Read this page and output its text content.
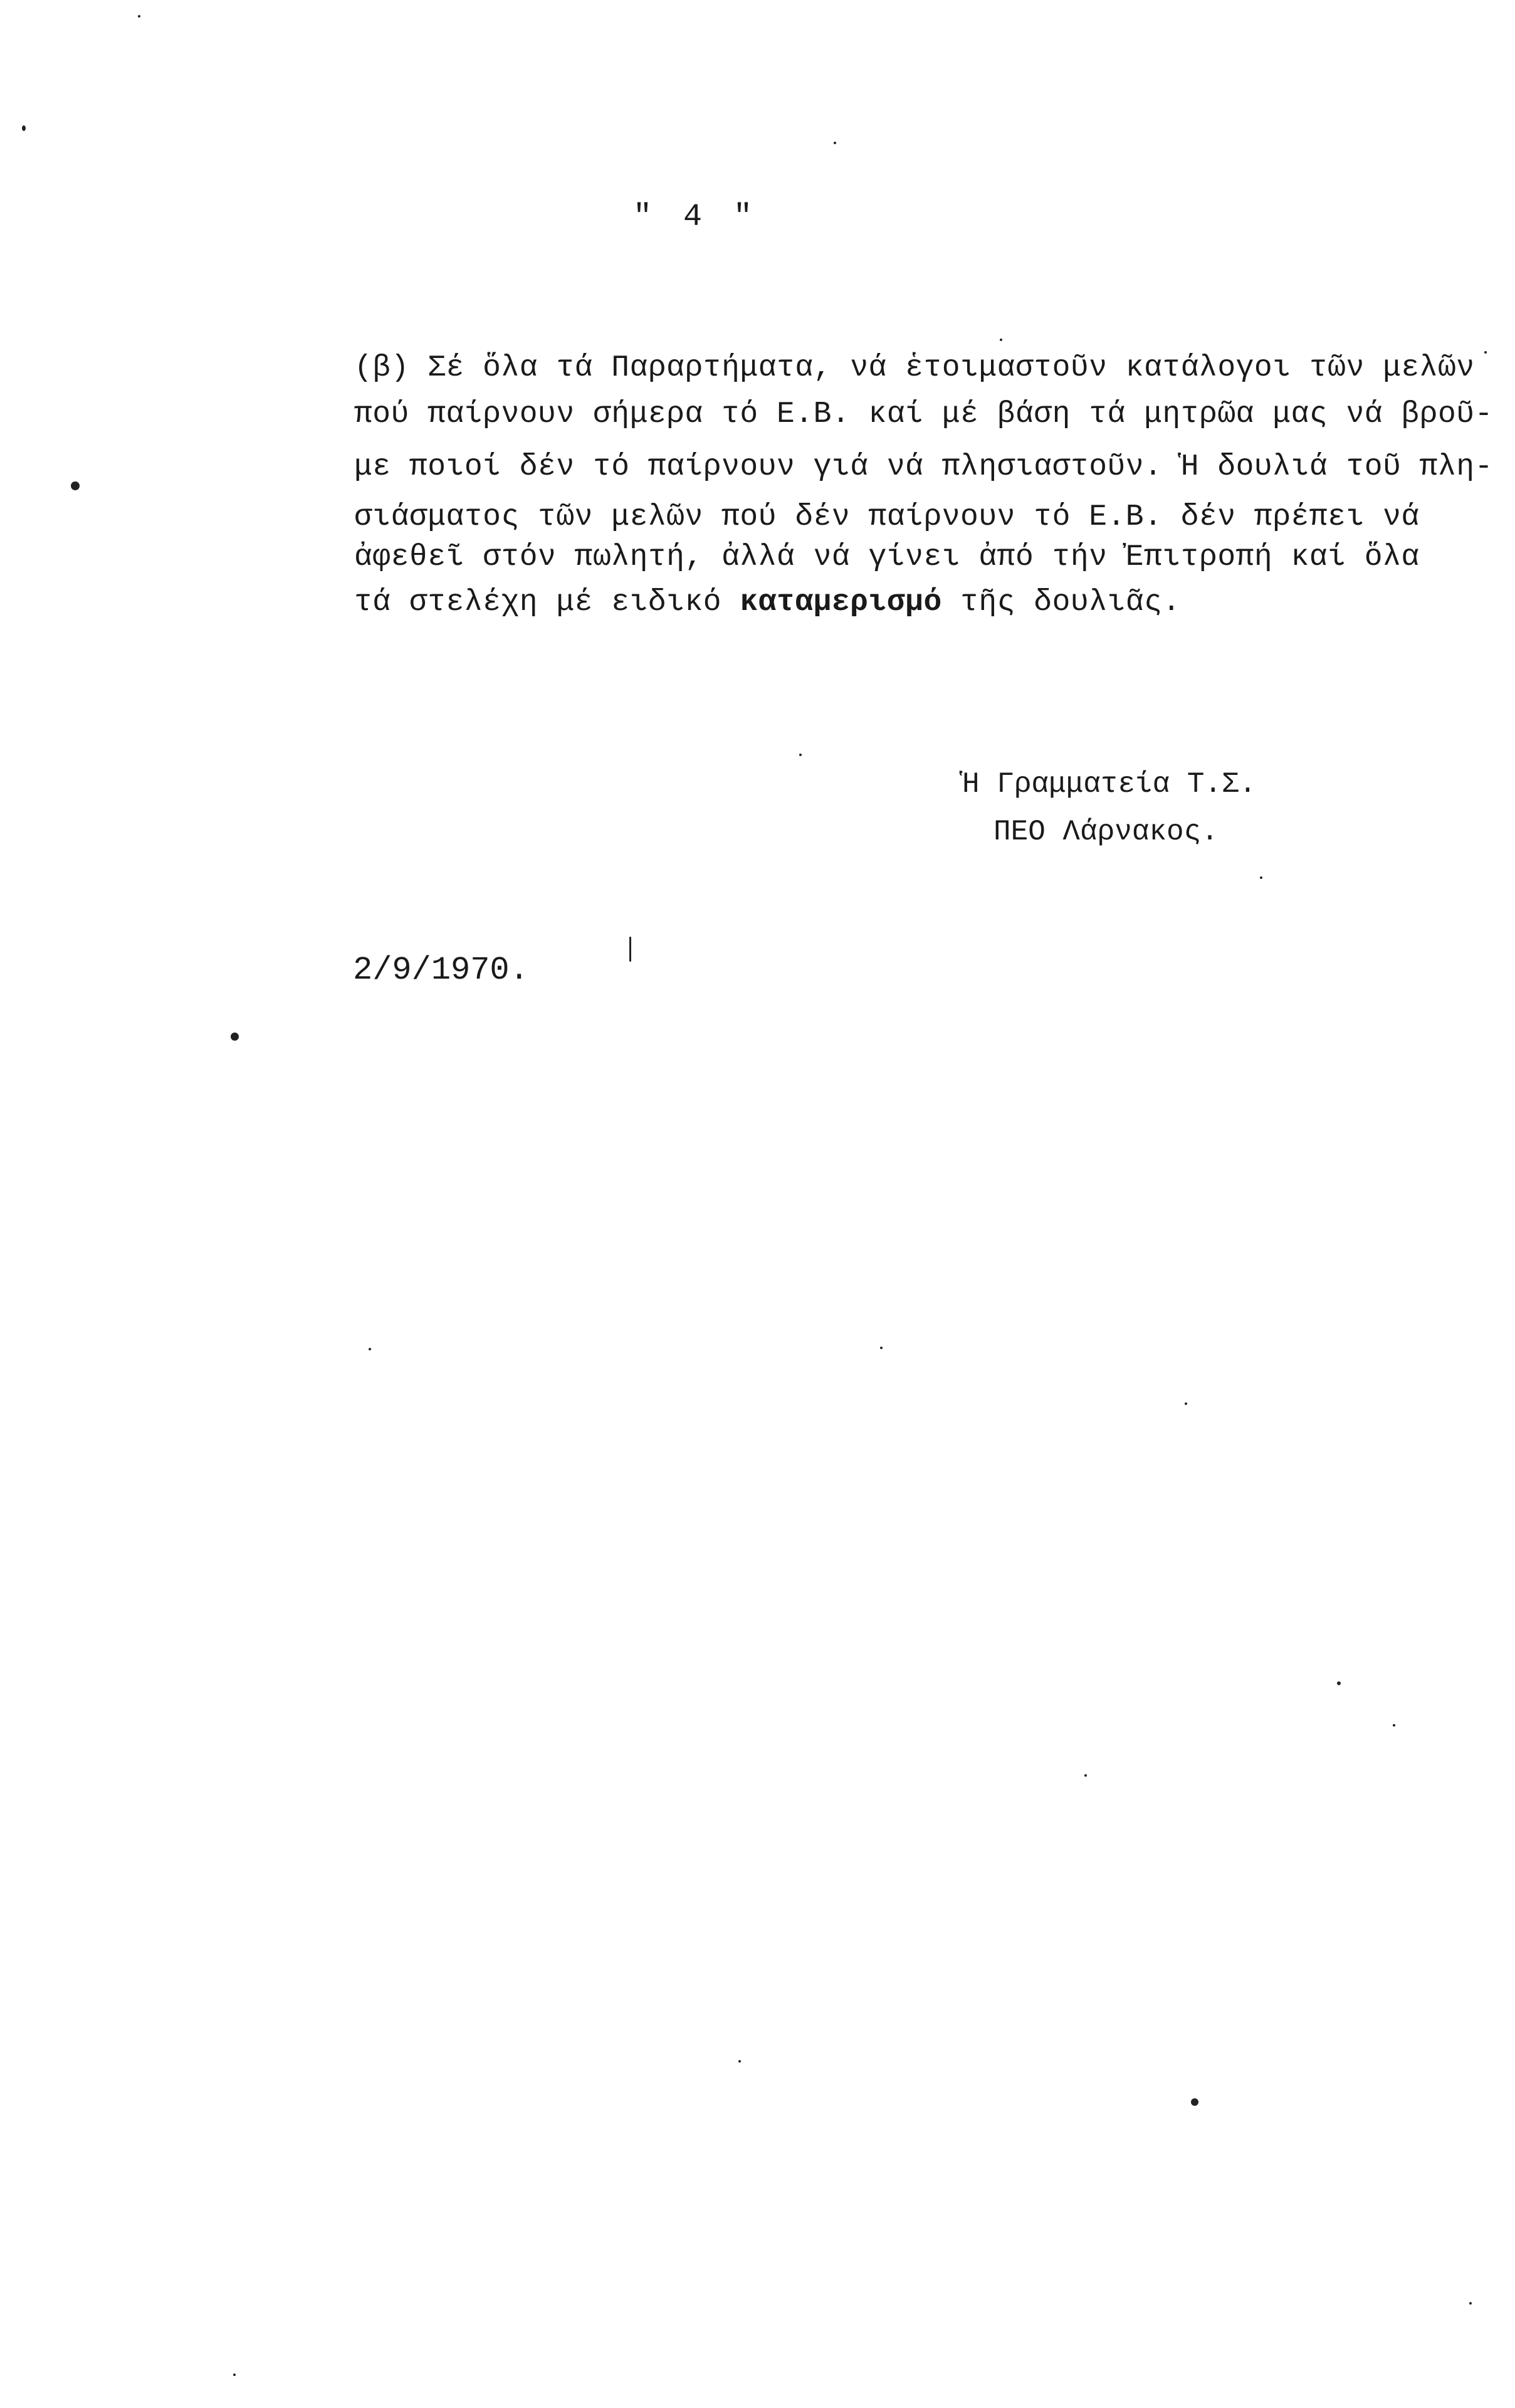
" 4 "
(β) Σέ ὅλα τά Παραρτήματα, νά ἑτοιμαστοῦν κατάλογοι τῶν μελῶν
πού παίρνουν σήμερα τό Ε.Β. καί μέ βάση τά μητρῶα μας νά βροῦ-
με ποιοί δέν τό παίρνουν γιά νά πλησιαστοῦν. Ἡ δουλιά τοῦ πλη-
σιάσματος τῶν μελῶν πού δέν παίρνουν τό Ε.Β. δέν πρέπει νά
ἀφεθεῖ στόν πωλητή, ἀλλά νά γίνει ἀπό τήν Ἐπιτροπή καί ὅλα
τά στελέχη μέ ειδικό καταμερισμό τῆς δουλιᾶς.
Ἡ Γραμματεία Τ.Σ.
ΠΕΟ Λάρνακος.
2/9/1970.
